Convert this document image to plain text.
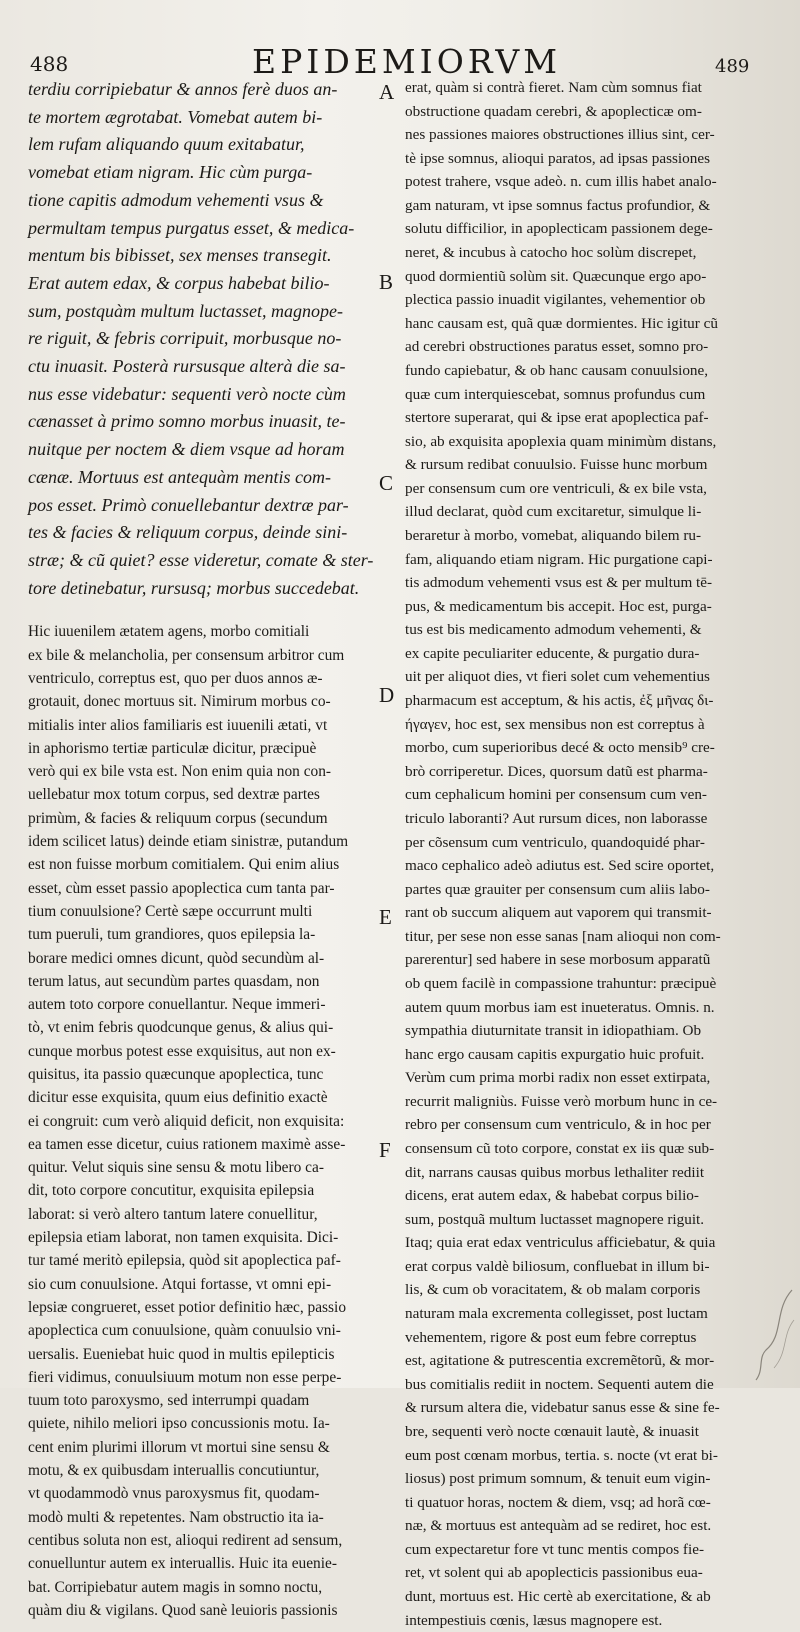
488	EPIDEMIORVM	489
terdiu corripiebatur & annos ferè duos an-
te mortem ægrotabat. Vomebat autem bi-
lem rufam aliquando quum exitabatur,
vomebat etiam nigram. Hic cùm purga-
tione capitis admodum vehementi vsus &
permultam tempus purgatus esset, & medica-
mentum bis bibisset, sex menses transegit.
Erat autem edax, & corpus habebat bilio-
sum, postquàm multum luctasset, magnope-
re riguit, & febris corripuit, morbusque no-
ctu inuasit. Posterà rursusque alterà die sa-
nus esse videbatur: sequenti verò nocte cùm
cænasset à primo somno morbus inuasit, te-
nuitque per noctem & diem vsque ad horam
cænæ. Mortuus est antequàm mentis com-
pos esset. Primò conuellebantur dextræ par-
tes & facies & reliquum corpus, deinde sini-
stræ; & cũ quiet? esse videretur, comate & ster-
tore detinebatur, rursusq; morbus succedebat.
Hic iuuenilem ætatem agens, morbo comitiali
ex bile & melancholia, per consensum arbitror cum
ventriculo, correptus est, quo per duos annos æ-
grotauit, donec mortuus sit. Nimirum morbus co-
mitialis inter alios familiaris est iuuenili ætati, vt
in aphorismo tertiæ particulæ dicitur, præcipuè
verò qui ex bile vsta est. Non enim quia non con-
uellebatur mox totum corpus, sed dextræ partes
primùm, & facies & reliquum corpus (secundum
idem scilicet latus) deinde etiam sinistræ, putandum
est non fuisse morbum comitialem. Qui enim alius
esset, cùm esset passio apoplectica cum tanta par-
tium conuulsione? Certè sæpe occurrunt multi
tum pueruli, tum grandiores, quos epilepsia la-
borare medici omnes dicunt, quòd secundùm al-
terum latus, aut secundùm partes quasdam, non
autem toto corpore conuellantur. Neque immeri-
tò, vt enim febris quodcunque genus, & alius qui-
cunque morbus potest esse exquisitus, aut non ex-
quisitus, ita passio quæcunque apoplectica, tunc
dicitur esse exquisita, quum eius definitio exactè
ei congruit: cum verò aliquid deficit, non exquisita:
ea tamen esse dicetur, cuius rationem maximè asse-
quitur. Velut siquis sine sensu & motu libero ca-
dit, toto corpore concutitur, exquisita epilepsia
laborat: si verò altero tantum latere conuellitur,
epilepsia etiam laborat, non tamen exquisita. Dici-
tur tamé meritò epilepsia, quòd sit apoplectica paf-
sio cum conuulsione. Atqui fortasse, vt omni epi-
lepsiæ congrueret, esset potior definitio hæc, passio
apoplectica cum conuulsione, quàm conuulsio vni-
uersalis. Eueniebat huic quod in multis epilepticis
fieri vidimus, conuulsiuum motum non esse perpe-
tuum toto paroxysmo, sed interrumpi quadam
quiete, nihilo meliori ipso concussionis motu. Ia-
cent enim plurimi illorum vt mortui sine sensu &
motu, & ex quibusdam interuallis concutiuntur,
vt quodammodò vnus paroxysmus fit, quodam-
modò multi & repetentes. Nam obstructio ita ia-
centibus soluta non est, alioqui redirent ad sensum,
conuelluntur autem ex interuallis. Huic ita euenie-
bat. Corripiebatur autem magis in somno noctu,
quàm diu & vigilans. Quod sanè leuioris passionis
A
B
C
D
E
F
erat, quàm si contrà fieret. Nam cùm somnus fiat
obstructione quadam cerebri, & apoplecticæ om-
nes passiones maiores obstructiones illius sint, cer-
tè ipse somnus, alioqui paratos, ad ipsas passiones
potest trahere, vsque adeò. n. cum illis habet analo-
gam naturam, vt ipse somnus factus profundior, &
solutu difficilior, in apoplecticam passionem dege-
neret, & incubus à catocho hoc solùm discrepet,
quod dormientiũ solùm sit. Quæcunque ergo apo-
plectica passio inuadit vigilantes, vehementior ob
hanc causam est, quã quæ dormientes. Hic igitur cũ
ad cerebri obstructiones paratus esset, somno pro-
fundo capiebatur, & ob hanc causam conuulsione,
quæ cum interquiescebat, somnus profundus cum
stertore superarat, qui & ipse erat apoplectica paf-
sio, ab exquisita apoplexia quam minimùm distans,
& rursum redibat conuulsio. Fuisse hunc morbum
per consensum cum ore ventriculi, & ex bile vsta,
illud declarat, quòd cum excitaretur, simulque li-
beraretur à morbo, vomebat, aliquando bilem ru-
fam, aliquando etiam nigram. Hic purgatione capi-
tis admodum vehementi vsus est & per multum tē-
pus, & medicamentum bis accepit. Hoc est, purga-
tus est bis medicamento admodum vehementi, &
ex capite peculiariter educente, & purgatio dura-
uit per aliquot dies, vt fieri solet cum vehementius
pharmacum est acceptum, & his actis, ἐξ μῆνας δι-
ήγαγεν, hoc est, sex mensibus non est correptus à
morbo, cum superioribus decé & octo mensib⁹ cre-
brò corriperetur. Dices, quorsum datũ est pharma-
cum cephalicum homini per consensum cum ven-
triculo laboranti? Aut rursum dices, non laborasse
per cõsensum cum ventriculo, quandoquidé phar-
maco cephalico adeò adiutus est. Sed scire oportet,
partes quæ grauiter per consensum cum aliis labo-
rant ob succum aliquem aut vaporem qui transmit-
titur, per sese non esse sanas [nam alioqui non com-
parerentur] sed habere in sese morbosum apparatũ
ob quem facilè in compassione trahuntur: præcipuè
autem quum morbus iam est inueteratus. Omnis. n.
sympathia diuturnitate transit in idiopathiam. Ob
hanc ergo causam capitis expurgatio huic profuit.
Verùm cum prima morbi radix non esset extirpata,
recurrit maligniùs. Fuisse verò morbum hunc in ce-
rebro per consensum cum ventriculo, & in hoc per
consensum cũ toto corpore, constat ex iis quæ sub-
dit, narrans causas quibus morbus lethaliter rediit
dicens, erat autem edax, & habebat corpus bilio-
sum, postquã multum luctasset magnopere riguit.
Itaq; quia erat edax ventriculus afficiebatur, & quia
erat corpus valdè biliosum, confluebat in illum bi-
lis, & cum ob voracitatem, & ob malam corporis
naturam mala excrementa collegisset, post luctam
vehementem, rigore & post eum febre correptus
est, agitatione & putrescentia excremẽtorũ, & mor-
bus comitialis rediit in noctem. Sequenti autem die
& rursum altera die, videbatur sanus esse & sine fe-
bre, sequenti verò nocte cœnauit lautè, & inuasit
eum post cœnam morbus, tertia. s. nocte (vt erat bi-
liosus) post primum somnum, & tenuit eum vigin-
ti quatuor horas, noctem & diem, vsq; ad horã cœ-
næ, & mortuus est antequàm ad se rediret, hoc est.
cum expectaretur fore vt tunc mentis compos fie-
ret, vt solent qui ab apoplecticis passionibus eua-
dunt, mortuus est. Hic certè ab exercitatione, & ab
intempestiuis cœnis, læsus magnopere est.
